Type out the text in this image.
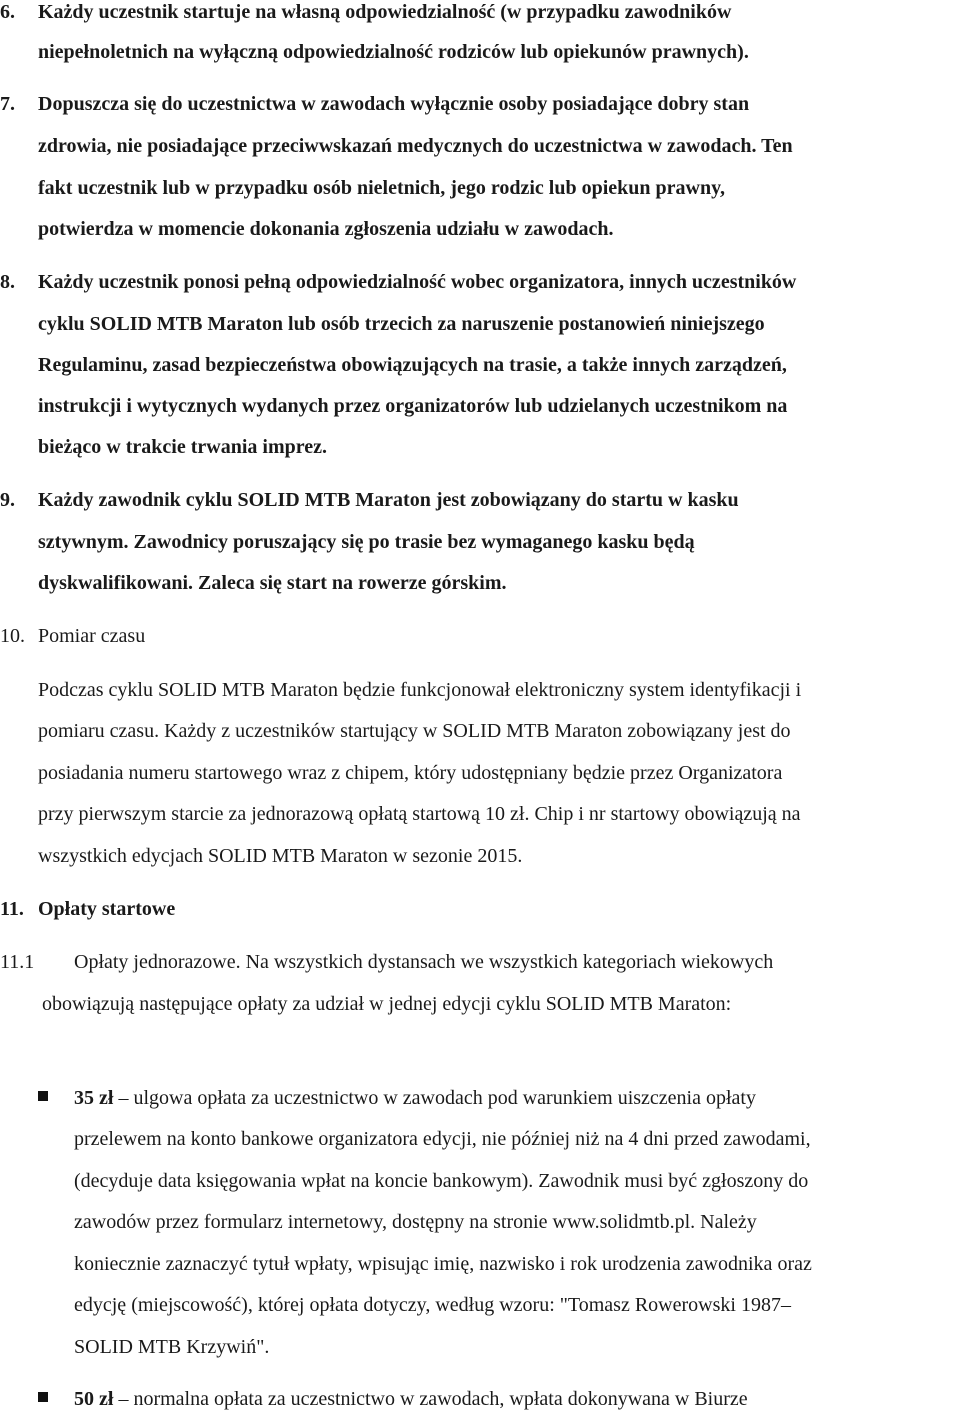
6. Każdy uczestnik startuje na własną odpowiedzialność (w przypadku zawodników
niepełnoletnich na wyłączną odpowiedzialność rodziców lub opiekunów prawnych).
7. Dopuszcza się do uczestnictwa w zawodach wyłącznie osoby posiadające dobry stan
zdrowia, nie posiadające przeciwwskazań medycznych do uczestnictwa w zawodach. Ten
fakt uczestnik lub w przypadku osób nieletnich, jego rodzic lub opiekun prawny,
potwierdza w momencie dokonania zgłoszenia udziału w zawodach.
8. Każdy uczestnik ponosi pełną odpowiedzialność wobec organizatora, innych uczestników
cyklu SOLID MTB Maraton lub osób trzecich za naruszenie postanowień niniejszego
Regulaminu, zasad bezpieczeństwa obowiązujących na trasie, a także innych zarządzeń,
instrukcji i wytycznych wydanych przez organizatorów lub udzielanych uczestnikom na
bieżąco w trakcie trwania imprez.
9. Każdy zawodnik cyklu SOLID MTB Maraton jest zobowiązany do startu w kasku
sztywnym. Zawodnicy poruszający się po trasie bez wymaganego kasku będą
dyskwalifikowani. Zaleca się start na rowerze górskim.
10. Pomiar czasu
Podczas cyklu SOLID MTB Maraton będzie funkcjonował elektroniczny system identyfikacji i
pomiaru czasu. Każdy z uczestników startujący w SOLID MTB Maraton zobowiązany jest do
posiadania numeru startowego wraz z chipem, który udostępniany będzie przez Organizatora
przy pierwszym starcie za jednorazową opłatą startową 10 zł. Chip i nr startowy obowiązują na
wszystkich edycjach SOLID MTB Maraton w sezonie 2015.
11. Opłaty startowe
11.1 Opłaty jednorazowe. Na wszystkich dystansach we wszystkich kategoriach wiekowych
obowiązują następujące opłaty za udział w jednej edycji cyklu SOLID MTB Maraton:
35 zł – ulgowa opłata za uczestnictwo w zawodach pod warunkiem uiszczenia opłaty
przelewem na konto bankowe organizatora edycji, nie później niż na 4 dni przed zawodami,
(decyduje data księgowania wpłat na koncie bankowym). Zawodnik musi być zgłoszony do
zawodów przez formularz internetowy, dostępny na stronie www.solidmtb.pl. Należy
koniecznie zaznaczyć tytuł wpłaty, wpisując imię, nazwisko i rok urodzenia zawodnika oraz
edycję (miejscowość), której opłata dotyczy, według wzoru: "Tomasz Rowerowski 1987–
SOLID MTB Krzywiń".
50 zł – normalna opłata za uczestnictwo w zawodach, wpłata dokonywana w Biurze
